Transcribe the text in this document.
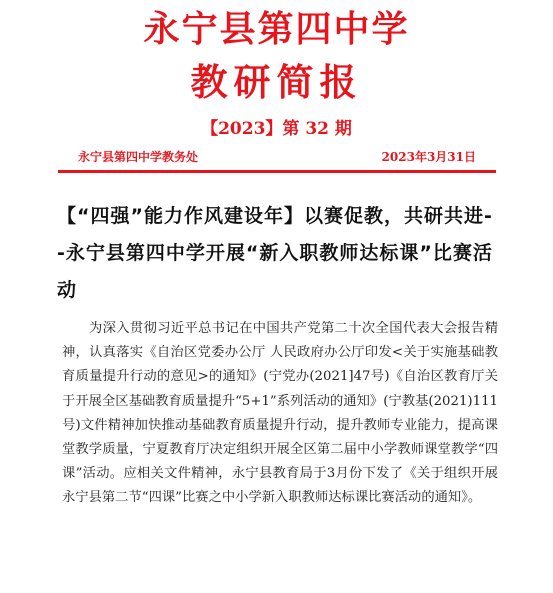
永宁县第四中学
教研简报
【2023】第 32 期
永宁县第四中学教务处	2023年3月31日
【“四强”能力作风建设年】以赛促教，共研共进--永宁县第四中学开展“新入职教师达标课”比赛活动
为深入贯彻习近平总书记在中国共产党第二十次全国代表大会报告精神，认真落实《自治区党委办公厅 人民政府办公厅印发<关于实施基础教育质量提升行动的意见>的通知》(宁党办(2021]47号)《自治区教育厅关于开展全区基础教育质量提升“5+1”系列活动的通知》(宁教基(2021)111 号)文件精神加快推动基础教育质量提升行动，提升教师专业能力，提高课堂教学质量，宁夏教育厅决定组织开展全区第二届中小学教师课堂教学“四课”活动。应相关文件精神，永宁县教育局于3月份下发了《关于组织开展永宁县第二节“四课”比赛之中小学新入职教师达标课比赛活动的通知》。
